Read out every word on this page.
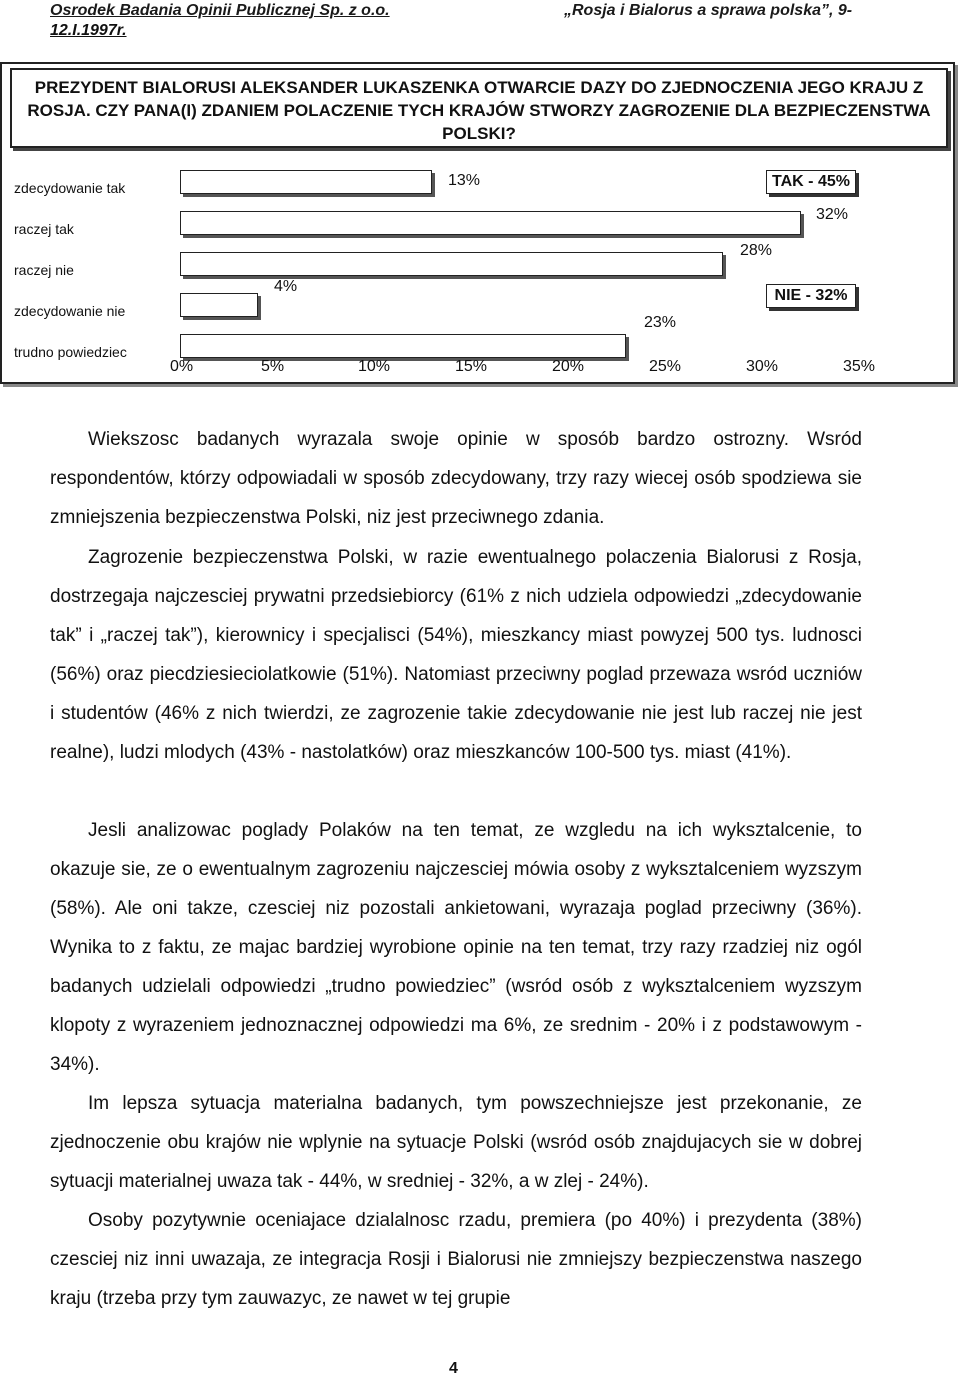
Osrodek Badania Opinii Publicznej Sp. z o.o.	„Rosja i Bialorus a sprawa polska”, 9-
12.I.1997r.
PREZYDENT BIALORUSI ALEKSANDER LUKASZENKA OTWARCIE DAZY DO ZJEDNOCZENIA JEGO KRAJU Z ROSJA. CZY PANA(I) ZDANIEM POLACZENIE TYCH KRAJÓW STWORZY ZAGROZENIE DLA BEZPIECZENSTWA POLSKI?
zdecydowanie tak	13%
raczej tak
32%
raczej nie
28%
zdecydowanie nie
4%
trudno powiedziec
23%
0%	5%	10%	15%	20%	25%	30%	35%
TAK - 45%
NIE - 32%
Wiekszosc badanych wyrazala swoje opinie w sposób bardzo ostrozny. Wsród respondentów, którzy odpowiadali w sposób zdecydowany, trzy razy wiecej osób spodziewa sie zmniejszenia bezpieczenstwa Polski, niz jest przeciwnego zdania.
Zagrozenie bezpieczenstwa Polski, w razie ewentualnego polaczenia Bialorusi z Rosja, dostrzegaja najczesciej prywatni przedsiebiorcy (61% z nich udziela odpowiedzi „zdecydowanie tak” i „raczej tak”), kierownicy i specjalisci (54%), mieszkancy miast powyzej 500 tys. ludnosci (56%) oraz piecdziesieciolatkowie (51%). Natomiast przeciwny poglad przewaza wsród uczniów i studentów (46% z nich twierdzi, ze zagrozenie takie zdecydowanie nie jest lub raczej nie jest realne), ludzi mlodych (43% - nastolatków) oraz mieszkanców 100-500 tys. miast (41%).
Jesli analizowac poglady Polaków na ten temat, ze wzgledu na ich wyksztalcenie, to okazuje sie, ze o ewentualnym zagrozeniu najczesciej mówia osoby z wyksztalceniem wyzszym (58%). Ale oni takze, czesciej niz pozostali ankietowani, wyrazaja poglad przeciwny (36%). Wynika to z faktu, ze majac bardziej wyrobione opinie na ten temat, trzy razy rzadziej niz ogól badanych udzielali odpowiedzi „trudno powiedziec” (wsród osób z wyksztalceniem wyzszym klopoty z wyrazeniem jednoznacznej odpowiedzi ma 6%, ze srednim - 20% i z podstawowym - 34%).
Im lepsza sytuacja materialna badanych, tym powszechniejsze jest przekonanie, ze zjednoczenie obu krajów nie wplynie na sytuacje Polski (wsród osób znajdujacych sie w dobrej sytuacji materialnej uwaza tak - 44%, w sredniej - 32%, a w zlej - 24%).
Osoby pozytywnie oceniajace dzialalnosc rzadu, premiera (po 40%) i prezydenta (38%) czesciej niz inni uwazaja, ze integracja Rosji i Bialorusi nie zmniejszy bezpieczenstwa naszego kraju (trzeba przy tym zauwazyc, ze nawet w tej grupie
4
